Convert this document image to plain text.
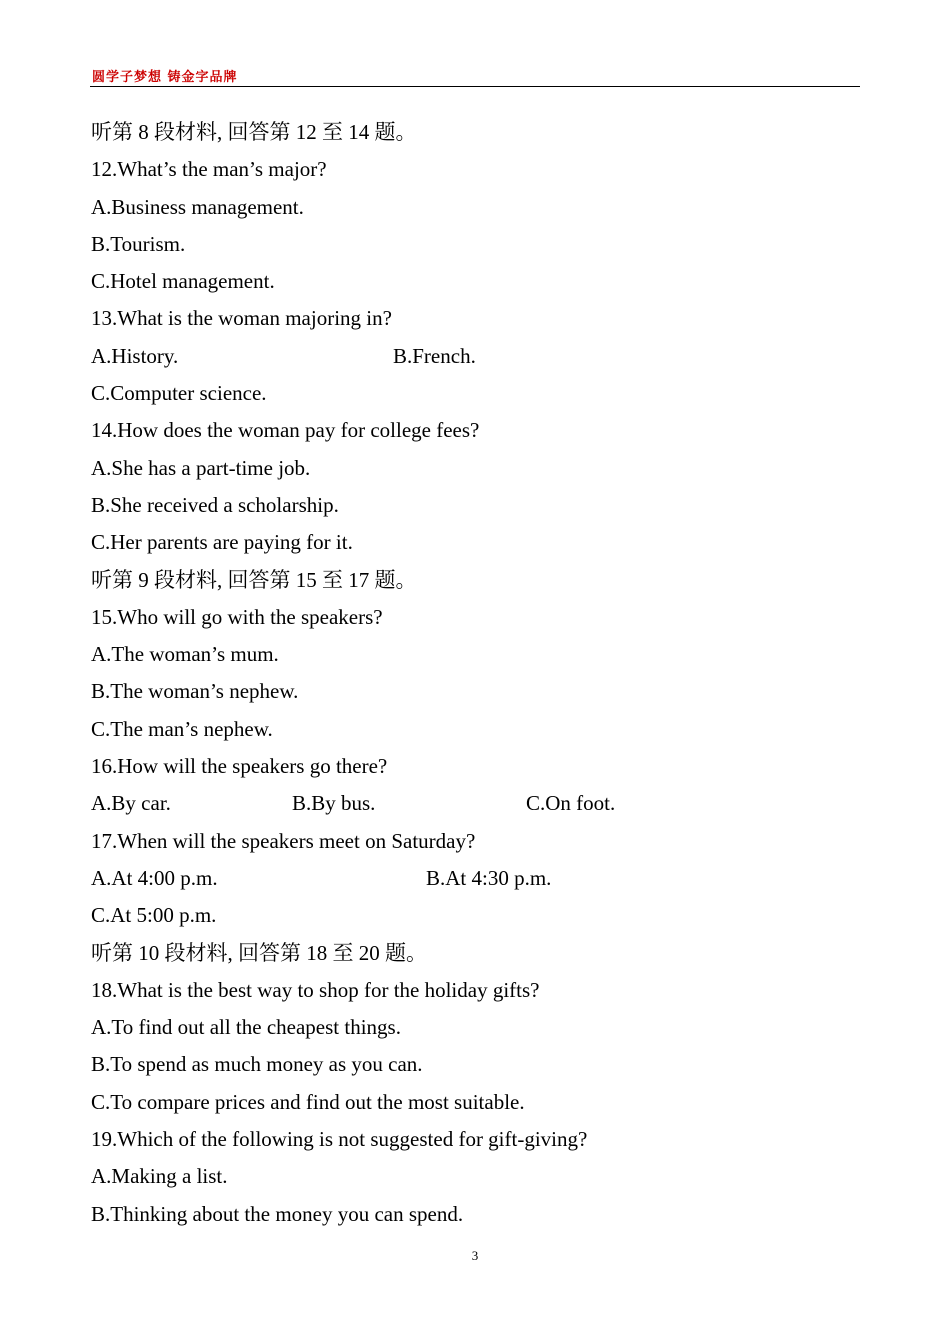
圆学子梦想 铸金字品牌
听第 8 段材料, 回答第 12 至 14 题。
12.What’s the man’s major?
A.Business management.
B.Tourism.
C.Hotel management.
13.What is the woman majoring in?
A.History.	B.French.
C.Computer science.
14.How does the woman pay for college fees?
A.She has a part-time job.
B.She received a scholarship.
C.Her parents are paying for it.
听第 9 段材料, 回答第 15 至 17 题。
15.Who will go with the speakers?
A.The woman’s mum.
B.The woman’s nephew.
C.The man’s nephew.
16.How will the speakers go there?
A.By car.	B.By bus.	C.On foot.
17.When will the speakers meet on Saturday?
A.At 4:00 p.m.	B.At 4:30 p.m.
C.At 5:00 p.m.
听第 10 段材料, 回答第 18 至 20 题。
18.What is the best way to shop for the holiday gifts?
A.To find out all the cheapest things.
B.To spend as much money as you can.
C.To compare prices and find out the most suitable.
19.Which of the following is not suggested for gift-giving?
A.Making a list.
B.Thinking about the money you can spend.
3
